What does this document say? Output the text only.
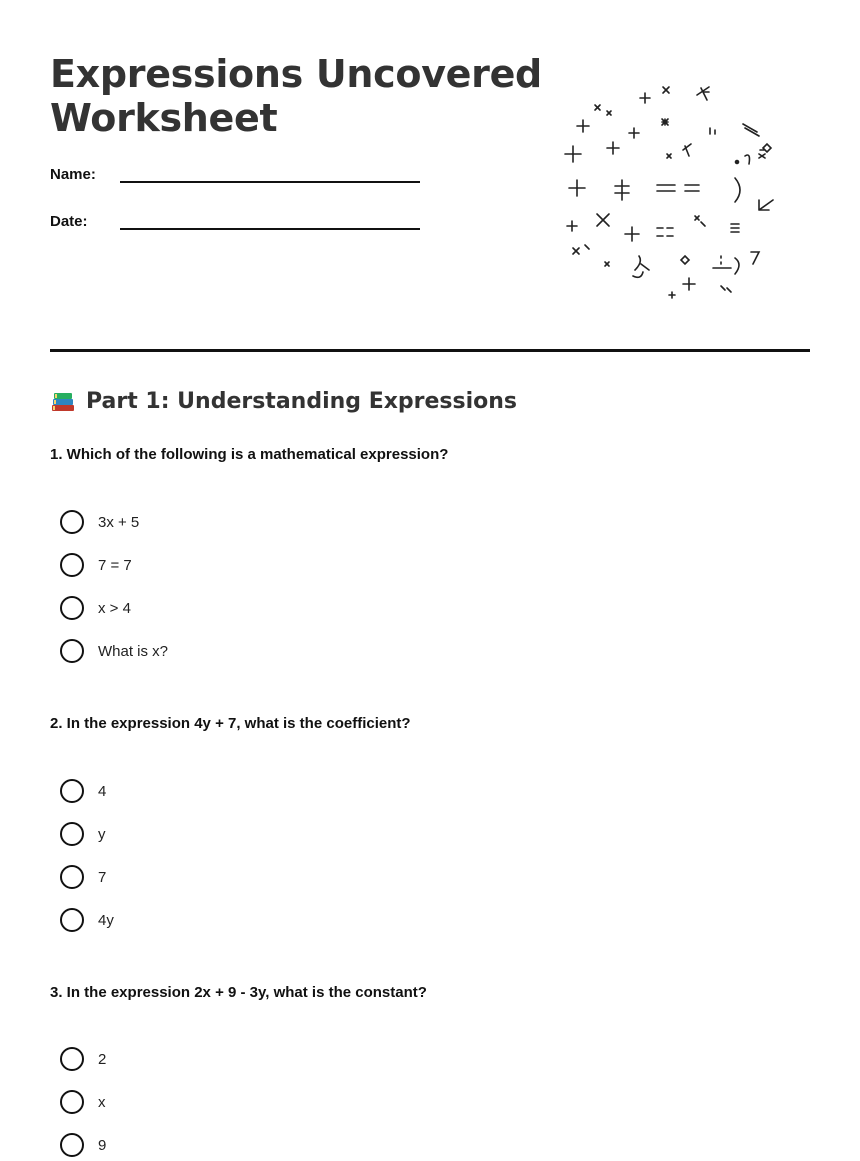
Expressions Uncovered
Worksheet
Name:
Date:
Part 1: Understanding Expressions
1. Which of the following is a mathematical expression?
3x + 5
7 = 7
x > 4
What is x?
2. In the expression 4y + 7, what is the coefficient?
4
y
7
4y
3. In the expression 2x + 9 - 3y, what is the constant?
2
x
9
